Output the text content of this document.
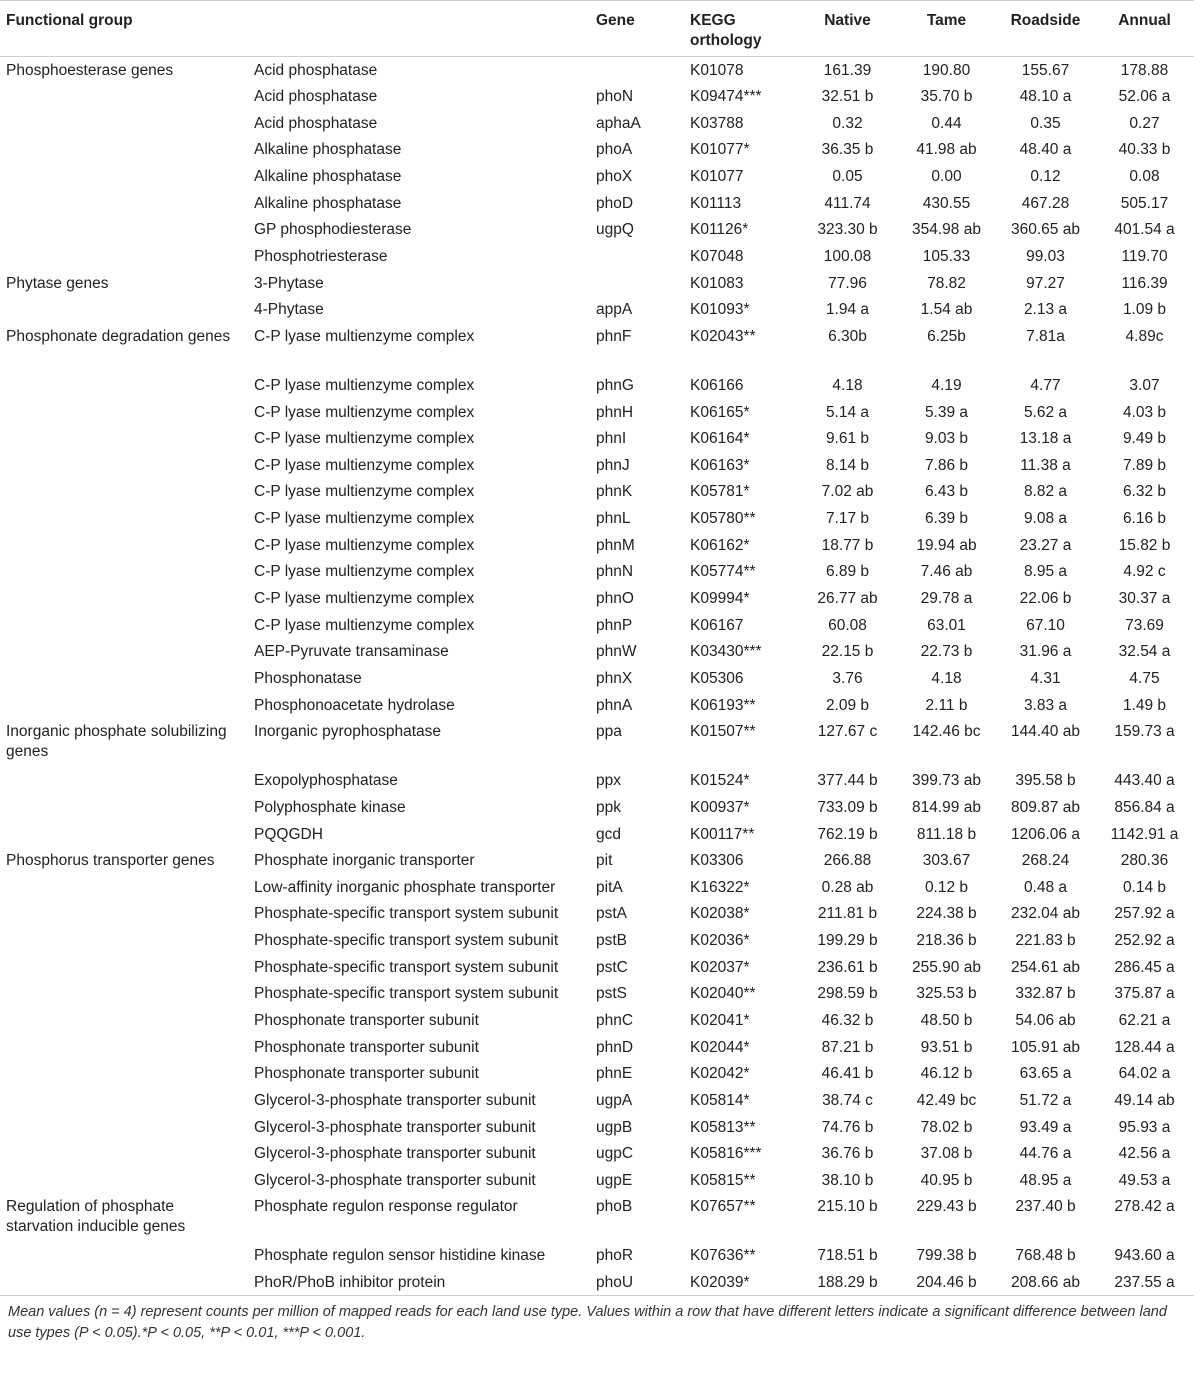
Functional group		Gene	KEGG orthology	Native	Tame	Roadside	Annual
Phosphoesterase genes	Acid phosphatase		K01078	161.39	190.80	155.67	178.88
	Acid phosphatase	phoN	K09474***	32.51 b	35.70 b	48.10 a	52.06 a
	Acid phosphatase	aphaA	K03788	0.32	0.44	0.35	0.27
	Alkaline phosphatase	phoA	K01077*	36.35 b	41.98 ab	48.40 a	40.33 b
	Alkaline phosphatase	phoX	K01077	0.05	0.00	0.12	0.08
	Alkaline phosphatase	phoD	K01113	411.74	430.55	467.28	505.17
	GP phosphodiesterase	ugpQ	K01126*	323.30 b	354.98 ab	360.65 ab	401.54 a
	Phosphotriesterase		K07048	100.08	105.33	99.03	119.70
Phytase genes	3-Phytase		K01083	77.96	78.82	97.27	116.39
	4-Phytase	appA	K01093*	1.94 a	1.54 ab	2.13 a	1.09 b
Phosphonate degradation genes	C-P lyase multienzyme complex	phnF	K02043**	6.30b	6.25b	7.81a	4.89c
	C-P lyase multienzyme complex	phnG	K06166	4.18	4.19	4.77	3.07
	C-P lyase multienzyme complex	phnH	K06165*	5.14 a	5.39 a	5.62 a	4.03 b
	C-P lyase multienzyme complex	phnI	K06164*	9.61 b	9.03 b	13.18 a	9.49 b
	C-P lyase multienzyme complex	phnJ	K06163*	8.14 b	7.86 b	11.38 a	7.89 b
	C-P lyase multienzyme complex	phnK	K05781*	7.02 ab	6.43 b	8.82 a	6.32 b
	C-P lyase multienzyme complex	phnL	K05780**	7.17 b	6.39 b	9.08 a	6.16 b
	C-P lyase multienzyme complex	phnM	K06162*	18.77 b	19.94 ab	23.27 a	15.82 b
	C-P lyase multienzyme complex	phnN	K05774**	6.89 b	7.46 ab	8.95 a	4.92 c
	C-P lyase multienzyme complex	phnO	K09994*	26.77 ab	29.78 a	22.06 b	30.37 a
	C-P lyase multienzyme complex	phnP	K06167	60.08	63.01	67.10	73.69
	AEP-Pyruvate transaminase	phnW	K03430***	22.15 b	22.73 b	31.96 a	32.54 a
	Phosphonatase	phnX	K05306	3.76	4.18	4.31	4.75
	Phosphonoacetate hydrolase	phnA	K06193**	2.09 b	2.11 b	3.83 a	1.49 b
Inorganic phosphate solubilizing genes	Inorganic pyrophosphatase	ppa	K01507**	127.67 c	142.46 bc	144.40 ab	159.73 a
	Exopolyphosphatase	ppx	K01524*	377.44 b	399.73 ab	395.58 b	443.40 a
	Polyphosphate kinase	ppk	K00937*	733.09 b	814.99 ab	809.87 ab	856.84 a
	PQQGDH	gcd	K00117**	762.19 b	811.18 b	1206.06 a	1142.91 a
Phosphorus transporter genes	Phosphate inorganic transporter	pit	K03306	266.88	303.67	268.24	280.36
	Low-affinity inorganic phosphate transporter	pitA	K16322*	0.28 ab	0.12 b	0.48 a	0.14 b
	Phosphate-specific transport system subunit	pstA	K02038*	211.81 b	224.38 b	232.04 ab	257.92 a
	Phosphate-specific transport system subunit	pstB	K02036*	199.29 b	218.36 b	221.83 b	252.92 a
	Phosphate-specific transport system subunit	pstC	K02037*	236.61 b	255.90 ab	254.61 ab	286.45 a
	Phosphate-specific transport system subunit	pstS	K02040**	298.59 b	325.53 b	332.87 b	375.87 a
	Phosphonate transporter subunit	phnC	K02041*	46.32 b	48.50 b	54.06 ab	62.21 a
	Phosphonate transporter subunit	phnD	K02044*	87.21 b	93.51 b	105.91 ab	128.44 a
	Phosphonate transporter subunit	phnE	K02042*	46.41 b	46.12 b	63.65 a	64.02 a
	Glycerol-3-phosphate transporter subunit	ugpA	K05814*	38.74 c	42.49 bc	51.72 a	49.14 ab
	Glycerol-3-phosphate transporter subunit	ugpB	K05813**	74.76 b	78.02 b	93.49 a	95.93 a
	Glycerol-3-phosphate transporter subunit	ugpC	K05816***	36.76 b	37.08 b	44.76 a	42.56 a
	Glycerol-3-phosphate transporter subunit	ugpE	K05815**	38.10 b	40.95 b	48.95 a	49.53 a
Regulation of phosphate starvation inducible genes	Phosphate regulon response regulator	phoB	K07657**	215.10 b	229.43 b	237.40 b	278.42 a
	Phosphate regulon sensor histidine kinase	phoR	K07636**	718.51 b	799.38 b	768.48 b	943.60 a
	PhoR/PhoB inhibitor protein	phoU	K02039*	188.29 b	204.46 b	208.66 ab	237.55 a
Mean values (n = 4) represent counts per million of mapped reads for each land use type. Values within a row that have different letters indicate a significant difference between land use types (P < 0.05).*P < 0.05, **P < 0.01, ***P < 0.001.
